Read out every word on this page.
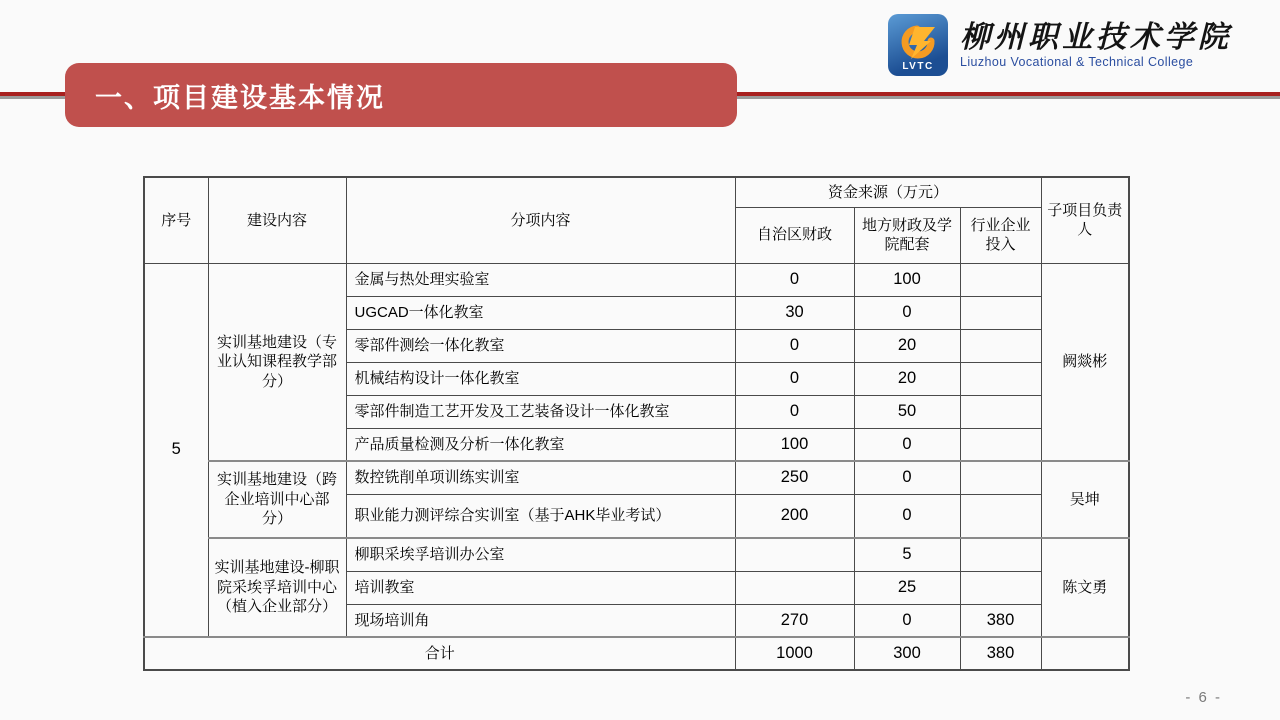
一、项目建设基本情况
LVTC
柳州职业技术学院
Liuzhou Vocational & Technical College
序号	建设内容	分项内容	资金来源（万元）			子项目负责人
			自治区财政	地方财政及学院配套	行业企业投入	
5	实训基地建设（专业认知课程教学部分）	金属与热处理实验室	0	100		阙燚彬
		UGCAD一体化教室	30	0		
		零部件测绘一体化教室	0	20		
		机械结构设计一体化教室	0	20		
		零部件制造工艺开发及工艺装备设计一体化教室	0	50		
		产品质量检测及分析一体化教室	100	0		
	实训基地建设（跨企业培训中心部分）	数控铣削单项训练实训室	250	0		吴坤
		职业能力测评综合实训室（基于AHK毕业考试）	200	0		
	实训基地建设-柳职院采埃孚培训中心（植入企业部分）	柳职采埃孚培训办公室		5		陈文勇
		培训教室		25		
		现场培训角	270	0	380	
合计			1000	300	380	
- 6 -
